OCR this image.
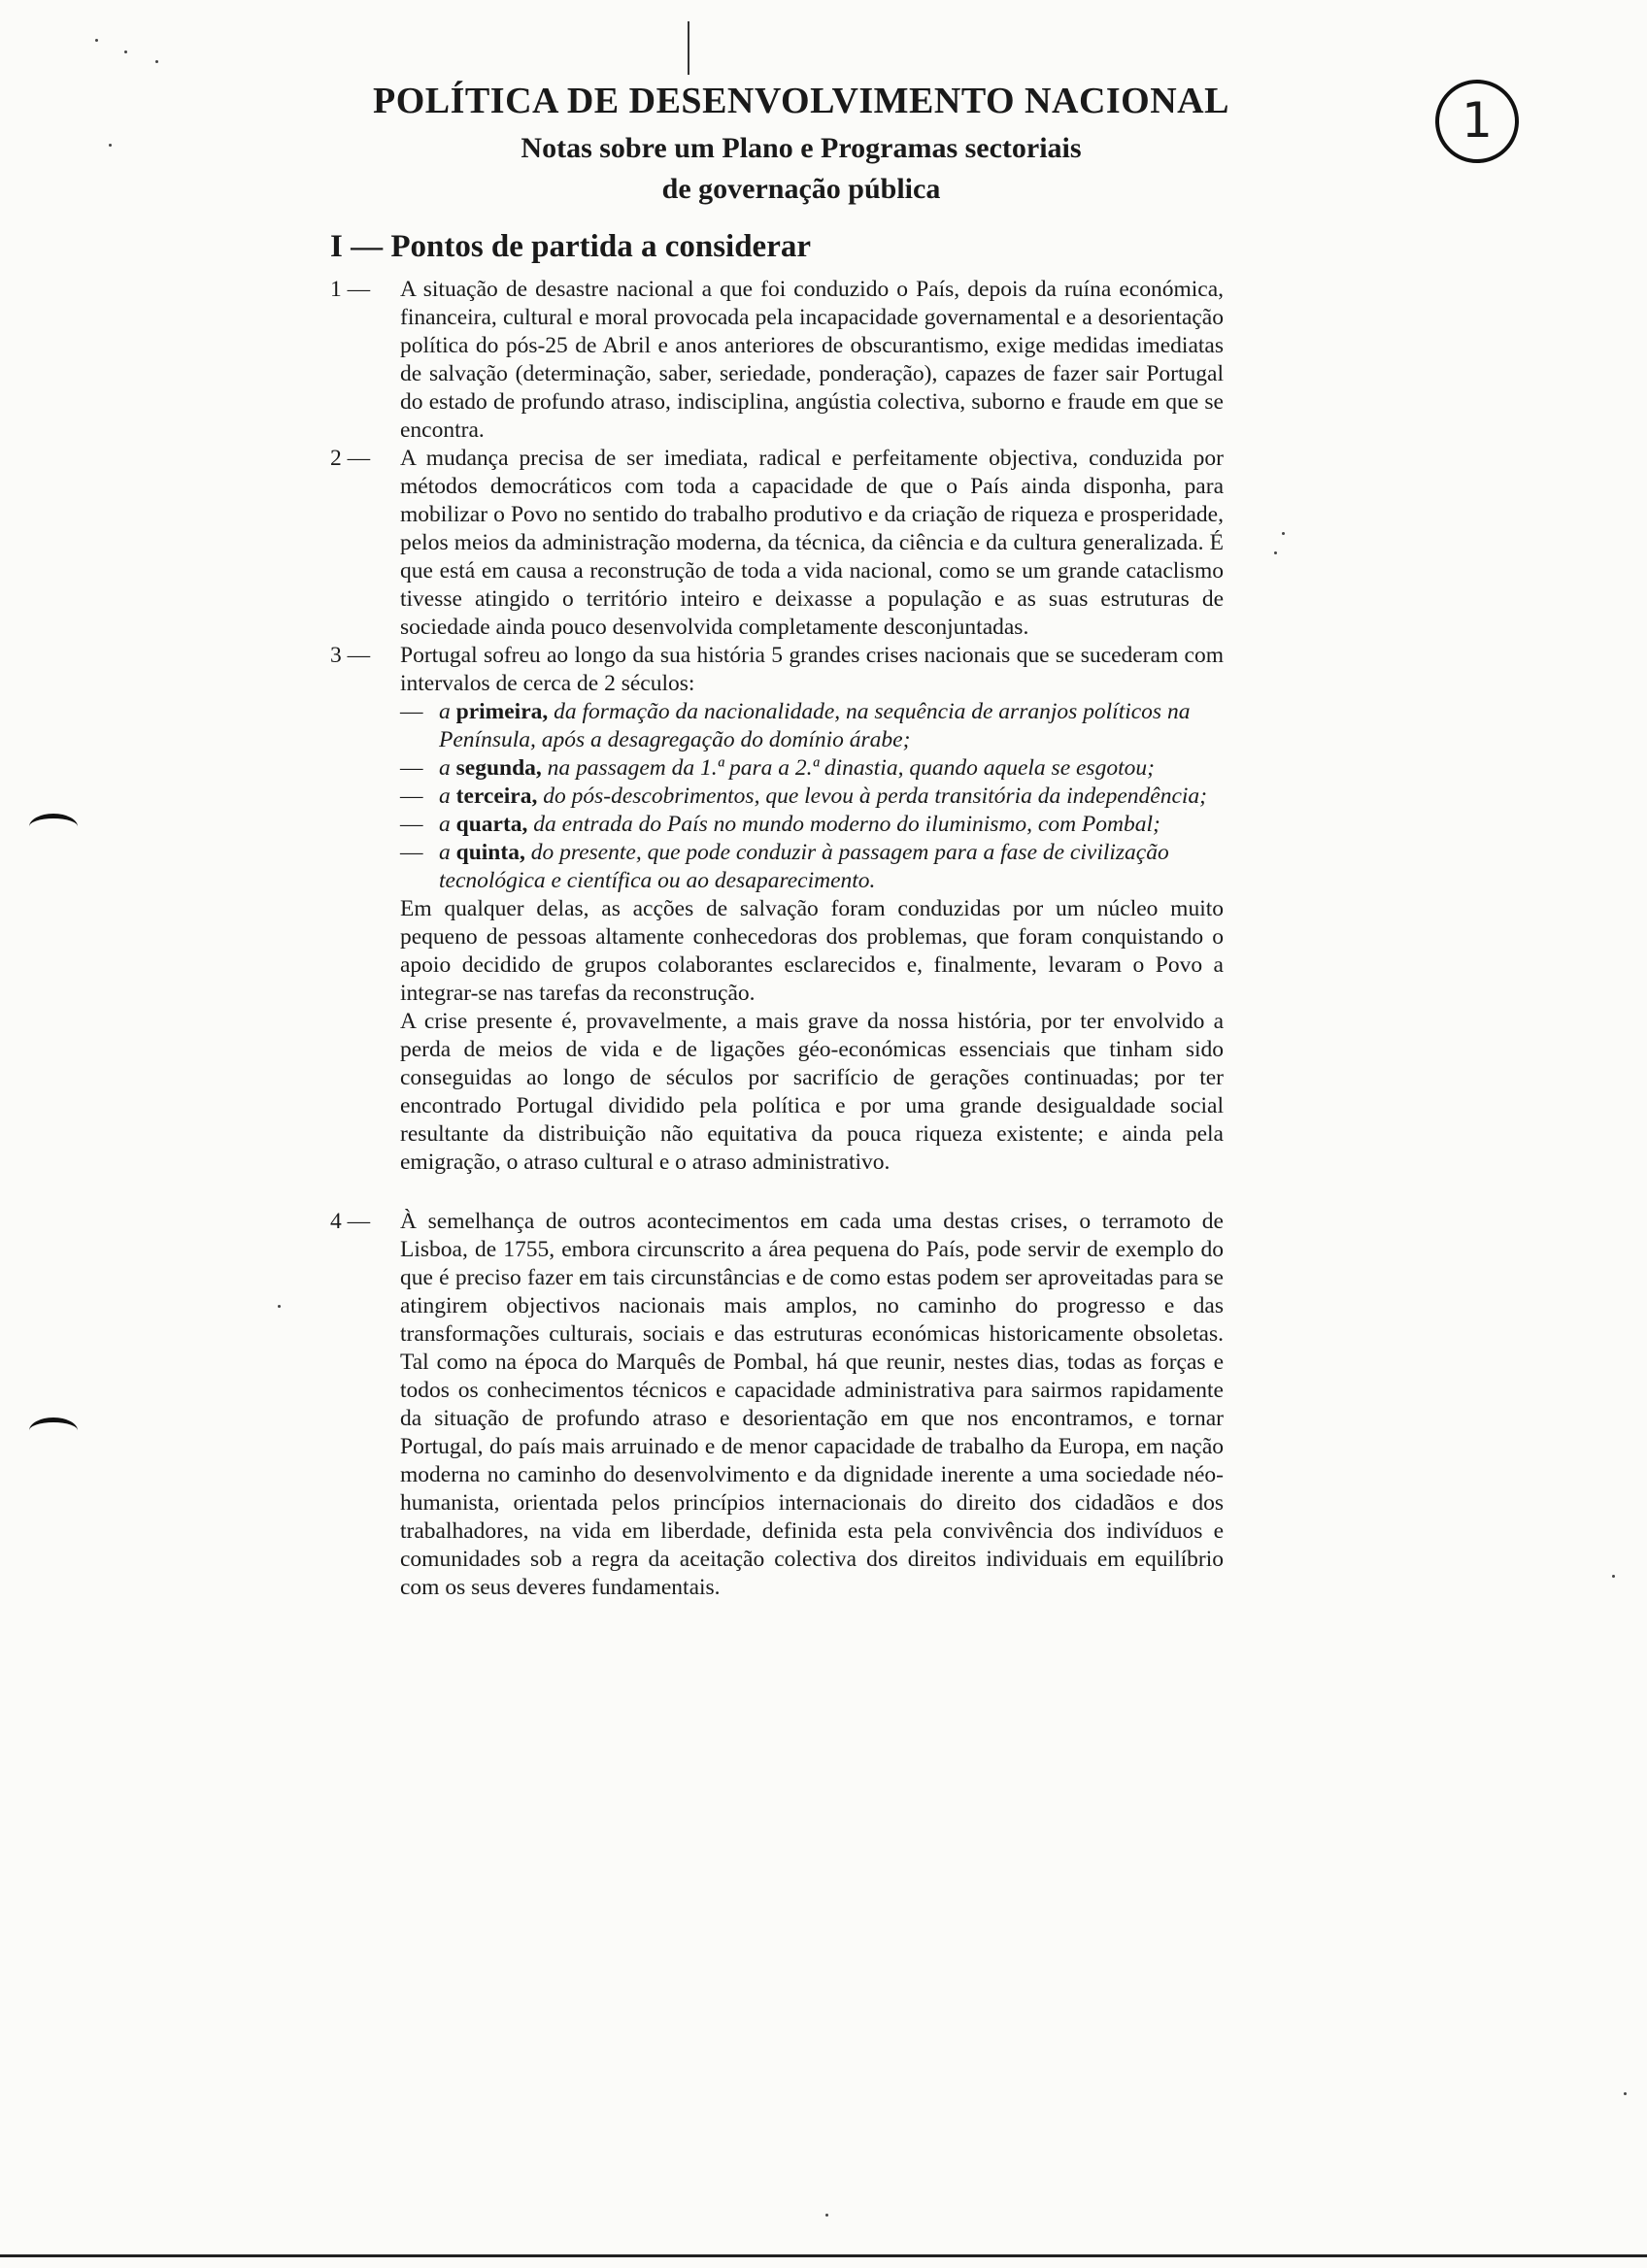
POLÍTICA DE DESENVOLVIMENTO NACIONAL
Notas sobre um Plano e Programas sectoriais
de governação pública
1
I — Pontos de partida a considerar
1 —	A situação de desastre nacional a que foi conduzido o País, depois da ruína económica, financeira, cultural e moral provocada pela incapacidade governamental e a desorientação política do pós-25 de Abril e anos anteriores de obscurantismo, exige medidas imediatas de salvação (determinação, saber, seriedade, ponderação), capazes de fazer sair Portugal do estado de profundo atraso, indisciplina, angústia colectiva, suborno e fraude em que se encontra.

2 —	A mudança precisa de ser imediata, radical e perfeitamente objectiva, conduzida por métodos democráticos com toda a capacidade de que o País ainda disponha, para mobilizar o Povo no sentido do trabalho produtivo e da criação de riqueza e prosperidade, pelos meios da administração moderna, da técnica, da ciência e da cultura generalizada. É que está em causa a reconstrução de toda a vida nacional, como se um grande cataclismo tivesse atingido o território inteiro e deixasse a população e as suas estruturas de sociedade ainda pouco desenvolvida completamente desconjuntadas.

3 —	Portugal sofreu ao longo da sua história 5 grandes crises nacionais que se sucederam com intervalos de cerca de 2 séculos:

— a primeira, da formação da nacionalidade, na sequência de arranjos políticos na Península, após a desagregação do domínio árabe;
— a segunda, na passagem da 1.ª para a 2.ª dinastia, quando aquela se esgotou;
— a terceira, do pós-descobrimentos, que levou à perda transitória da independência;
— a quarta, da entrada do País no mundo moderno do iluminismo, com Pombal;
— a quinta, do presente, que pode conduzir à passagem para a fase de civilização tecnológica e científica ou ao desaparecimento.

Em qualquer delas, as acções de salvação foram conduzidas por um núcleo muito pequeno de pessoas altamente conhecedoras dos problemas, que foram conquistando o apoio decidido de grupos colaborantes esclarecidos e, finalmente, levaram o Povo a integrar-se nas tarefas da reconstrução.

A crise presente é, provavelmente, a mais grave da nossa história, por ter envolvido a perda de meios de vida e de ligações géo-económicas essenciais que tinham sido conseguidas ao longo de séculos por sacrifício de gerações continuadas; por ter encontrado Portugal dividido pela política e por uma grande desigualdade social resultante da distribuição não equitativa da pouca riqueza existente; e ainda pela emigração, o atraso cultural e o atraso administrativo.

4 —	À semelhança de outros acontecimentos em cada uma destas crises, o terramoto de Lisboa, de 1755, embora circunscrito a área pequena do País, pode servir de exemplo do que é preciso fazer em tais circunstâncias e de como estas podem ser aproveitadas para se atingirem objectivos nacionais mais amplos, no caminho do progresso e das transformações culturais, sociais e das estruturas económicas historicamente obsoletas. Tal como na época do Marquês de Pombal, há que reunir, nestes dias, todas as forças e todos os conhecimentos técnicos e capacidade administrativa para sairmos rapidamente da situação de profundo atraso e desorientação em que nos encontramos, e tornar Portugal, do país mais arruinado e de menor capacidade de trabalho da Europa, em nação moderna no caminho do desenvolvimento e da dignidade inerente a uma sociedade néo-humanista, orientada pelos princípios internacionais do direito dos cidadãos e dos trabalhadores, na vida em liberdade, definida esta pela convivência dos indivíduos e comunidades sob a regra da aceitação colectiva dos direitos individuais em equilíbrio com os seus deveres fundamentais.
